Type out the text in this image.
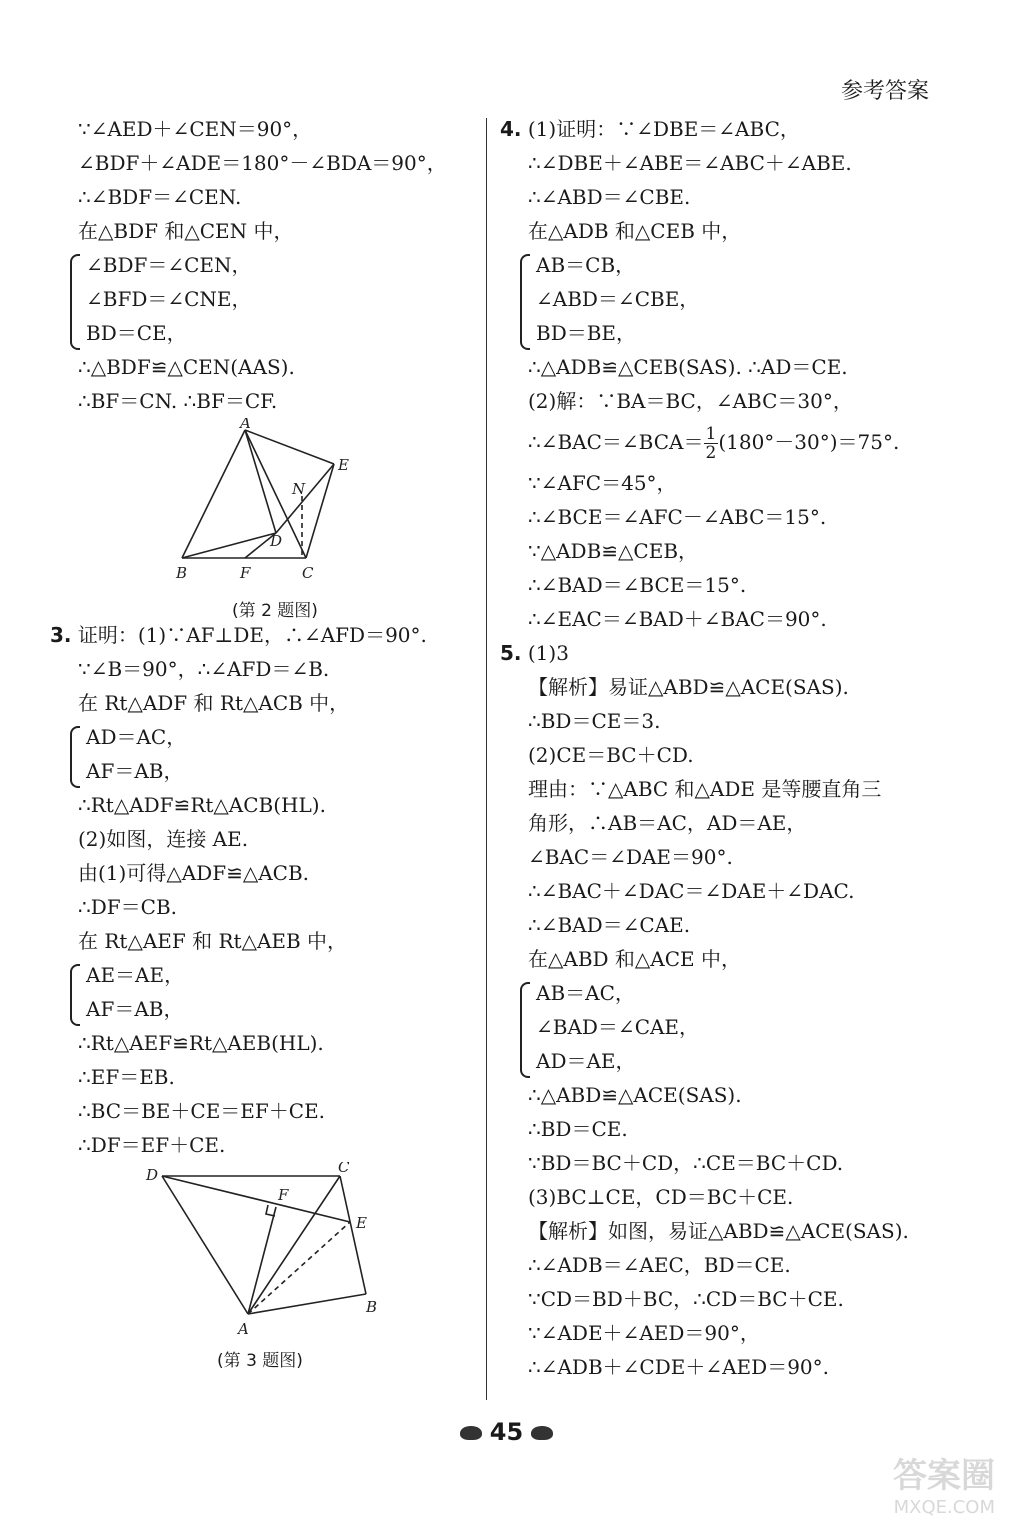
参考答案
∵∠AED＋∠CEN＝90°，
∠BDF＋∠ADE＝180°－∠BDA＝90°，
∴∠BDF＝∠CEN.
在△BDF 和△CEN 中，
∠BDF＝∠CEN，
∠BFD＝∠CNE，
BD＝CE，
∴△BDF≌△CEN(AAS).
∴BF＝CN. ∴BF＝CF.
A
E
N
D
B	F	C
(第 2 题图)
3. 证明：(1)∵AF⊥DE，∴∠AFD＝90°.
∵∠B＝90°，∴∠AFD＝∠B.
在 Rt△ADF 和 Rt△ACB 中，
AD＝AC，
AF＝AB，
∴Rt△ADF≌Rt△ACB(HL).
(2)如图，连接 AE.
由(1)可得△ADF≌△ACB.
∴DF＝CB.
在 Rt△AEF 和 Rt△AEB 中，
AE＝AE，
AF＝AB，
∴Rt△AEF≌Rt△AEB(HL).
∴EF＝EB.
∴BC＝BE＋CE＝EF＋CE.
∴DF＝EF＋CE.
D	C
F
E
A
B
(第 3 题图)
4. (1)证明：∵∠DBE＝∠ABC，
∴∠DBE＋∠ABE＝∠ABC＋∠ABE.
∴∠ABD＝∠CBE.
在△ADB 和△CEB 中，
AB＝CB，
∠ABD＝∠CBE，
BD＝BE，
∴△ADB≌△CEB(SAS). ∴AD＝CE.
(2)解：∵BA＝BC，∠ABC＝30°，
∴∠BAC＝∠BCA＝ $\frac{1}{2} (180^\circ-30^\circ)=75^\circ$.
∵∠AFC＝45°，
∴∠BCE＝∠AFC－∠ABC＝15°.
∵△ADB≌△CEB，
∴∠BAD＝∠BCE＝15°.
∴∠EAC＝∠BAD＋∠BAC＝90°.
5. (1)3
【解析】易证△ABD≌△ACE(SAS).
∴BD＝CE＝3.
(2)CE＝BC＋CD.
理由：∵△ABC 和△ADE 是等腰直角三
角形，∴AB＝AC，AD＝AE，
∠BAC＝∠DAE＝90°.
∴∠BAC＋∠DAC＝∠DAE＋∠DAC.
∴∠BAD＝∠CAE.
在△ABD 和△ACE 中，
AB＝AC，
∠BAD＝∠CAE，
AD＝AE，
∴△ABD≌△ACE(SAS).
∴BD＝CE.
∵BD＝BC＋CD，∴CE＝BC＋CD.
(3)BC⊥CE，CD＝BC＋CE.
【解析】如图，易证△ABD≌△ACE(SAS).
∴∠ADB＝∠AEC，BD＝CE.
∵CD＝BD＋BC，∴CD＝BC＋CE.
∵∠ADE＋∠AED＝90°，
∴∠ADB＋∠CDE＋∠AED＝90°.
45
答案圈
MXQE.COM
